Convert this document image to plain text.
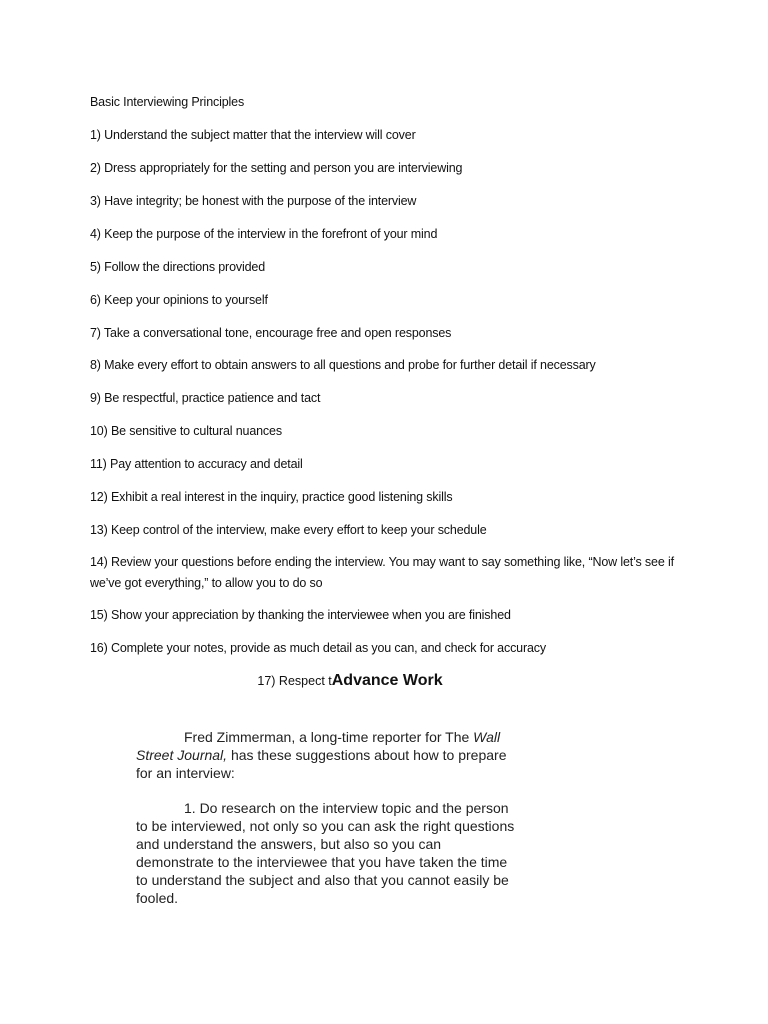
Basic Interviewing Principles
1) Understand the subject matter that the interview will cover
2) Dress appropriately for the setting and person you are interviewing
3) Have integrity; be honest with the purpose of the interview
4) Keep the purpose of the interview in the forefront of your mind
5) Follow the directions provided
6) Keep your opinions to yourself
7) Take a conversational tone, encourage free and open responses
8) Make every effort to obtain answers to all questions and probe for further detail if necessary
9) Be respectful, practice patience and tact
10) Be sensitive to cultural nuances
11) Pay attention to accuracy and detail
12) Exhibit a real interest in the inquiry, practice good listening skills
13) Keep control of the interview, make every effort to keep your schedule
14) Review your questions before ending the interview. You may want to say something like, “Now let’s see if we’ve got everything,” to allow you to do so
15) Show your appreciation by thanking the interviewee when you are finished
16) Complete your notes, provide as much detail as you can, and check for accuracy
17) Respect tAdvance Work
Fred Zimmerman, a long-time reporter for The Wall Street Journal, has these suggestions about how to prepare for an interview:
1. Do research on the interview topic and the person to be interviewed, not only so you can ask the right questions and understand the answers, but also so you can demonstrate to the interviewee that you have taken the time to understand the subject and also that you cannot easily be fooled.
